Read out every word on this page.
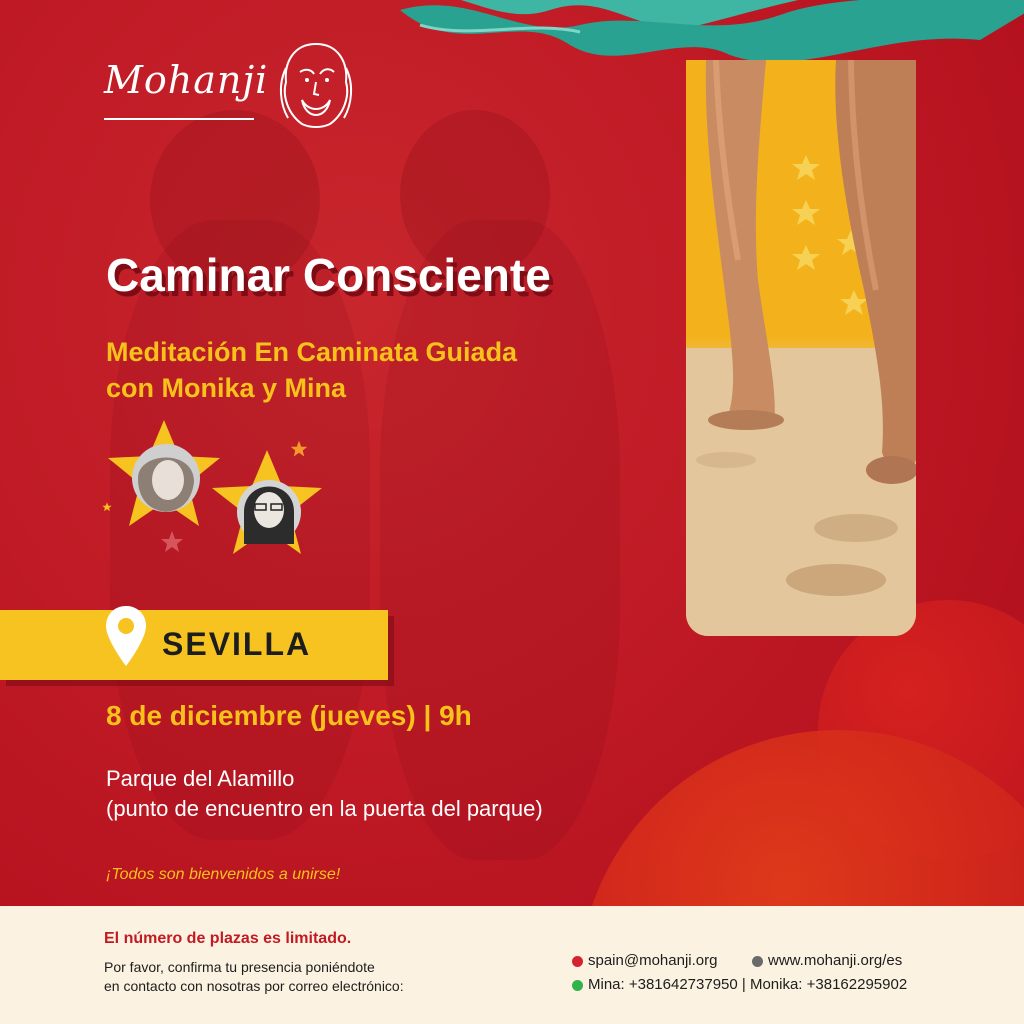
Mohanji
Caminar Consciente
Meditación En Caminata Guiada
con Monika y Mina
SEVILLA
8 de diciembre (jueves) | 9h
Parque del Alamillo
(punto de encuentro en la puerta del parque)
¡Todos son bienvenidos a unirse!
El número de plazas es limitado.
Por favor, confirma tu presencia poniéndote
en contacto con nosotras por correo electrónico:
spain@mohanji.org	www.mohanji.org/es
Mina: +381642737950 | Monika: +38162295902
